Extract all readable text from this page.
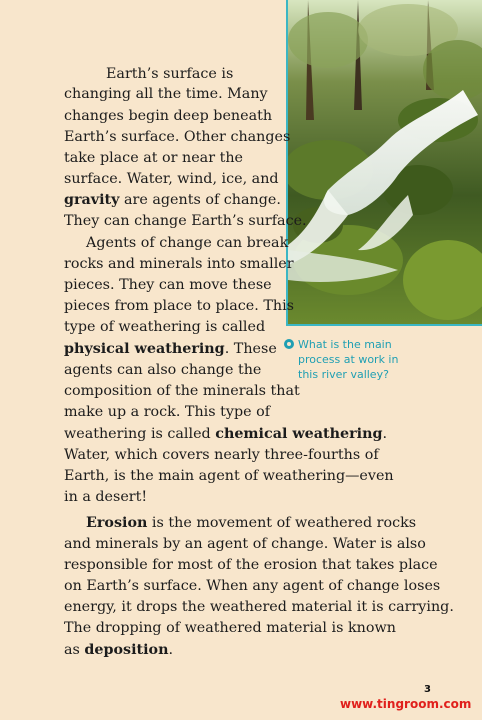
What is the main
process at work in
this river valley?
Earth’s surface is
changing all the time. Many
changes begin deep beneath
Earth’s surface. Other changes
take place at or near the
surface. Water, wind, ice, and
gravity are agents of change.
They can change Earth’s surface.
Agents of change can break
rocks and minerals into smaller
pieces. They can move these
pieces from place to place. This
type of weathering is called
physical weathering. These
agents can also change the
composition of the minerals that
make up a rock. This type of
weathering is called chemical weathering.
Water, which covers nearly three-fourths of
Earth, is the main agent of weathering—even
in a desert!
Erosion is the movement of weathered rocks
and minerals by an agent of change. Water is also
responsible for most of the erosion that takes place
on Earth’s surface. When any agent of change loses
energy, it drops the weathered material it is carrying.
The dropping of weathered material is known
as deposition.
3
www.tingroom.com
